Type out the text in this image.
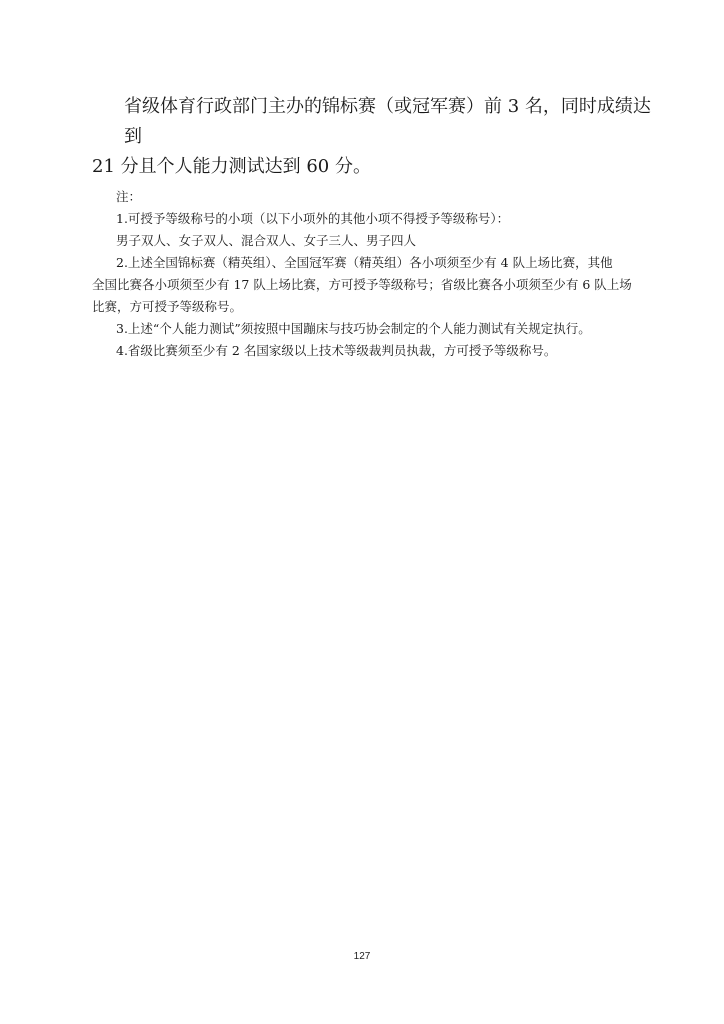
省级体育行政部门主办的锦标赛（或冠军赛）前 3 名，同时成绩达到
21 分且个人能力测试达到 60 分。

注：
1.可授予等级称号的小项（以下小项外的其他小项不得授予等级称号）：
男子双人、女子双人、混合双人、女子三人、男子四人
2.上述全国锦标赛（精英组）、全国冠军赛（精英组）各小项须至少有 4 队上场比赛，其他
全国比赛各小项须至少有 17 队上场比赛，方可授予等级称号；省级比赛各小项须至少有 6 队上场
比赛，方可授予等级称号。
3.上述“个人能力测试”须按照中国蹦床与技巧协会制定的个人能力测试有关规定执行。
4.省级比赛须至少有 2 名国家级以上技术等级裁判员执裁，方可授予等级称号。
127
